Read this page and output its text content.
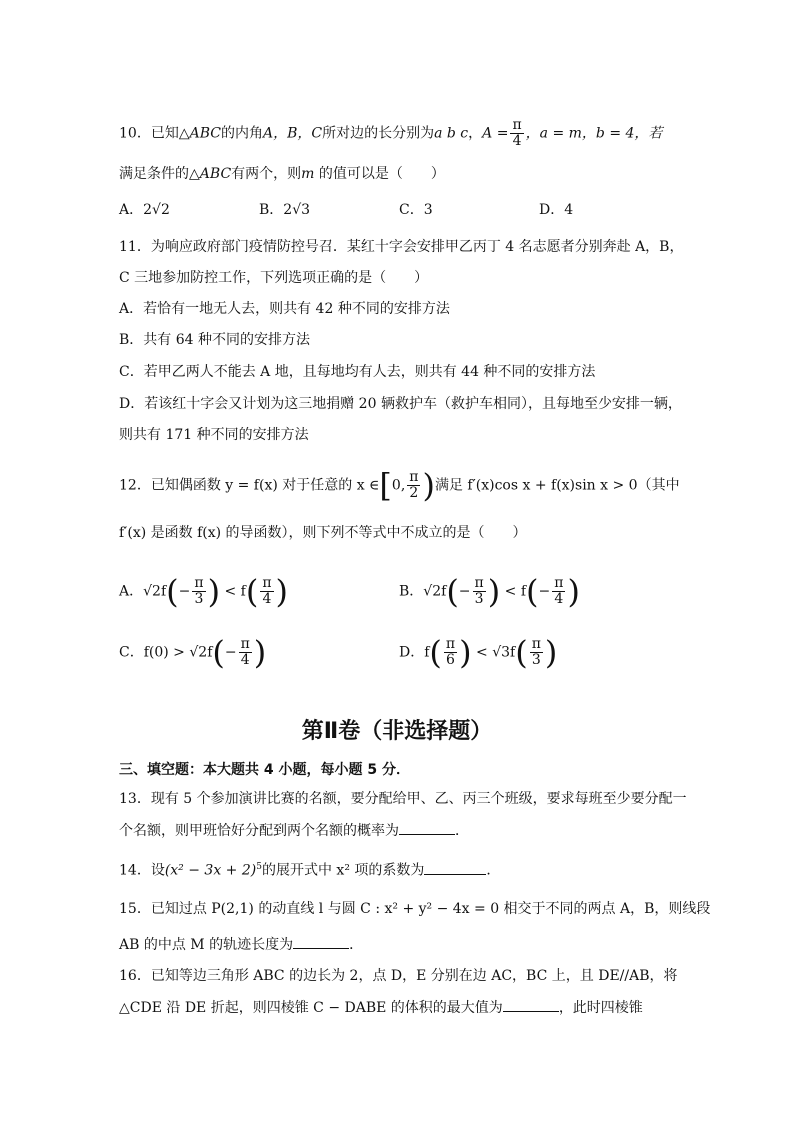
10．已知△ABC的内角A，B，C所对边的长分别为a b c，$A = \frac{\pi}{4}$ ，a = m，b = 4，若
满足条件的△ABC有两个，则m 的值可以是（　　）
A．2√2	B．2√3	C．3	D．4
11．为响应政府部门疫情防控号召．某红十字会安排甲乙丙丁 4 名志愿者分别奔赴 A，B，
C 三地参加防控工作，下列选项正确的是（　　）
A．若恰有一地无人去，则共有 42 种不同的安排方法
B．共有 64 种不同的安排方法
C．若甲乙两人不能去 A 地，且每地均有人去，则共有 44 种不同的安排方法
D．若该红十字会又计划为这三地捐赠 20 辆救护车（救护车相同），且每地至少安排一辆，
则共有 171 种不同的安排方法
12．已知偶函数 y = f(x) 对于任意的 x ∈[0, $\frac{\pi}{2}$ )满足 f′(x)cos x + f(x)sin x > 0（其中
f′(x) 是函数 f(x) 的导函数），则下列不等式中不成立的是（　　）
A．$√2f(- \frac{\pi}{3}$ ) < $f( \frac{\pi}{4}$ )	B．$√2f(- \frac{\pi}{3}$ ) < $f(- \frac{\pi}{4}$ )
C．$f(0) > √2f(- \frac{\pi}{4}$ )	D．$f( \frac{\pi}{6}$ ) < $√3f( \frac{\pi}{3}$ )
第Ⅱ卷（非选择题）
三、填空题：本大题共 4 小题，每小题 5 分．
13．现有 5 个参加演讲比赛的名额，要分配给甲、乙、丙三个班级，要求每班至少要分配一
个名额，则甲班恰好分配到两个名额的概率为	．
14．设$(x^2 - 3x + 2)^5$的展开式中 x² 项的系数为	．
15．已知过点 P(2,1) 的动直线 l 与圆 C : x² + y² − 4x = 0 相交于不同的两点 A，B，则线段
AB 的中点 M 的轨迹长度为	．
16．已知等边三角形 ABC 的边长为 2，点 D，E 分别在边 AC，BC 上，且 DE//AB，将
△CDE 沿 DE 折起，则四棱锥 C − DABE 的体积的最大值为	，此时四棱锥
